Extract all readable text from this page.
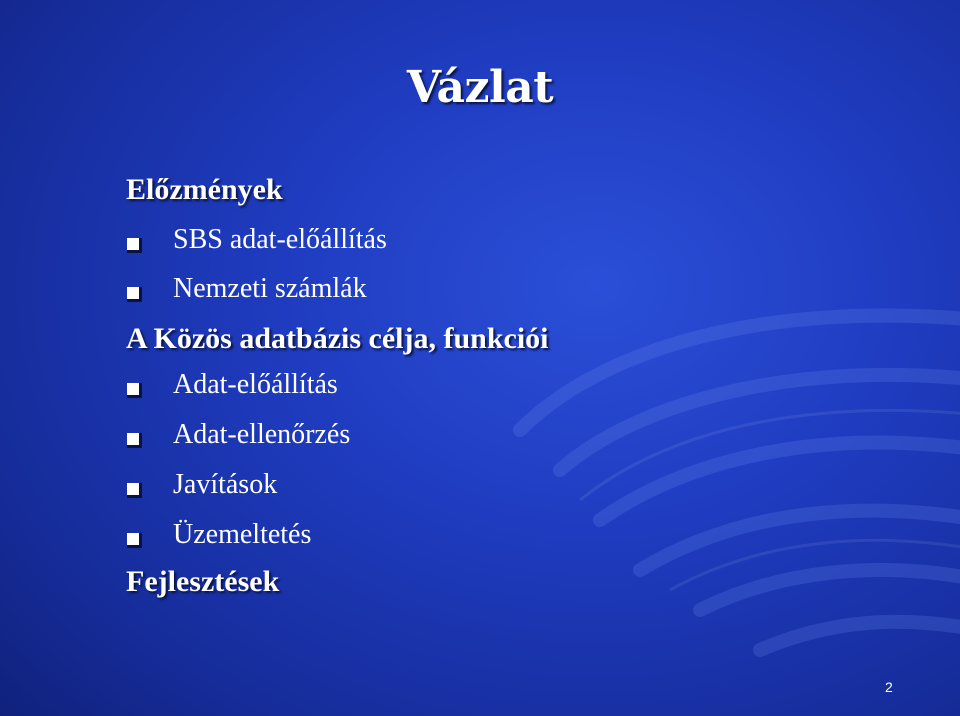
Vázlat
Előzmények
SBS adat-előállítás
Nemzeti számlák
A Közös adatbázis célja, funkciói
Adat-előállítás
Adat-ellenőrzés
Javítások
Üzemeltetés
Fejlesztések
2
